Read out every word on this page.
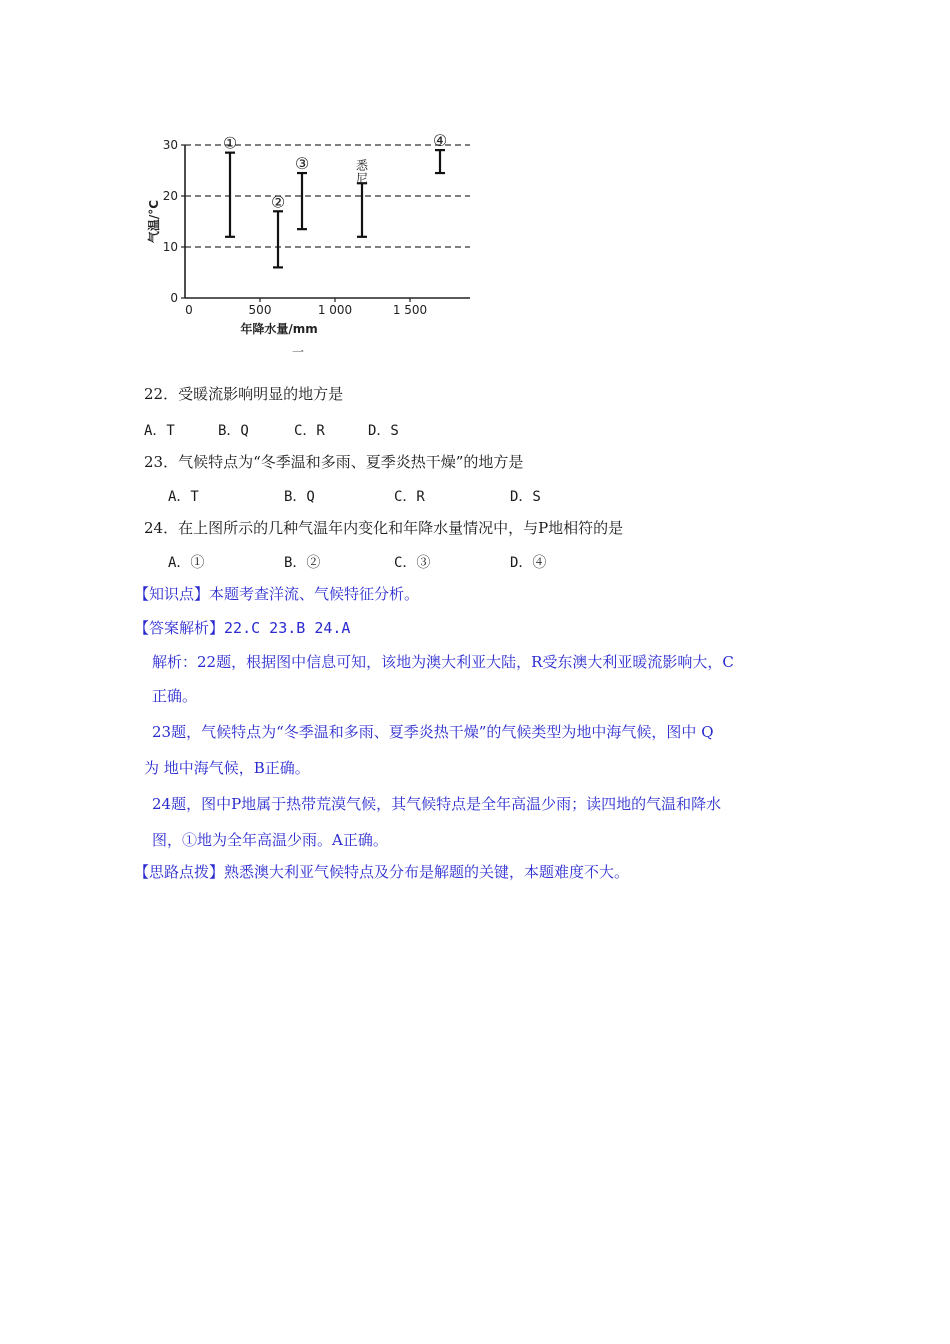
0
10
20
30
0	500	1 000	1 500
年降水量/mm
气温/°C
①
②
③	悉
尼
④
一
22．受暖流影响明显的地方是
A．T	B．Q	C．R	D．S
23．气候特点为“冬季温和多雨、夏季炎热干燥”的地方是
A．T	B．Q	C．R	D．S
24．在上图所示的几种气温年内变化和年降水量情况中，与P地相符的是
A．①	B．②	C．③	D．④
【知识点】本题考查洋流、气候特征分析。
【答案解析】22.C 23.B 24.A
解析：22题，根据图中信息可知，该地为澳大利亚大陆，R受东澳大利亚暖流影响大，C
正确。
23题，气候特点为“冬季温和多雨、夏季炎热干燥”的气候类型为地中海气候，图中 Q
为 地中海气候，B正确。
24题，图中P地属于热带荒漠气候，其气候特点是全年高温少雨；读四地的气温和降水
图，①地为全年高温少雨。A正确。
【思路点拨】熟悉澳大利亚气候特点及分布是解题的关键，本题难度不大。
